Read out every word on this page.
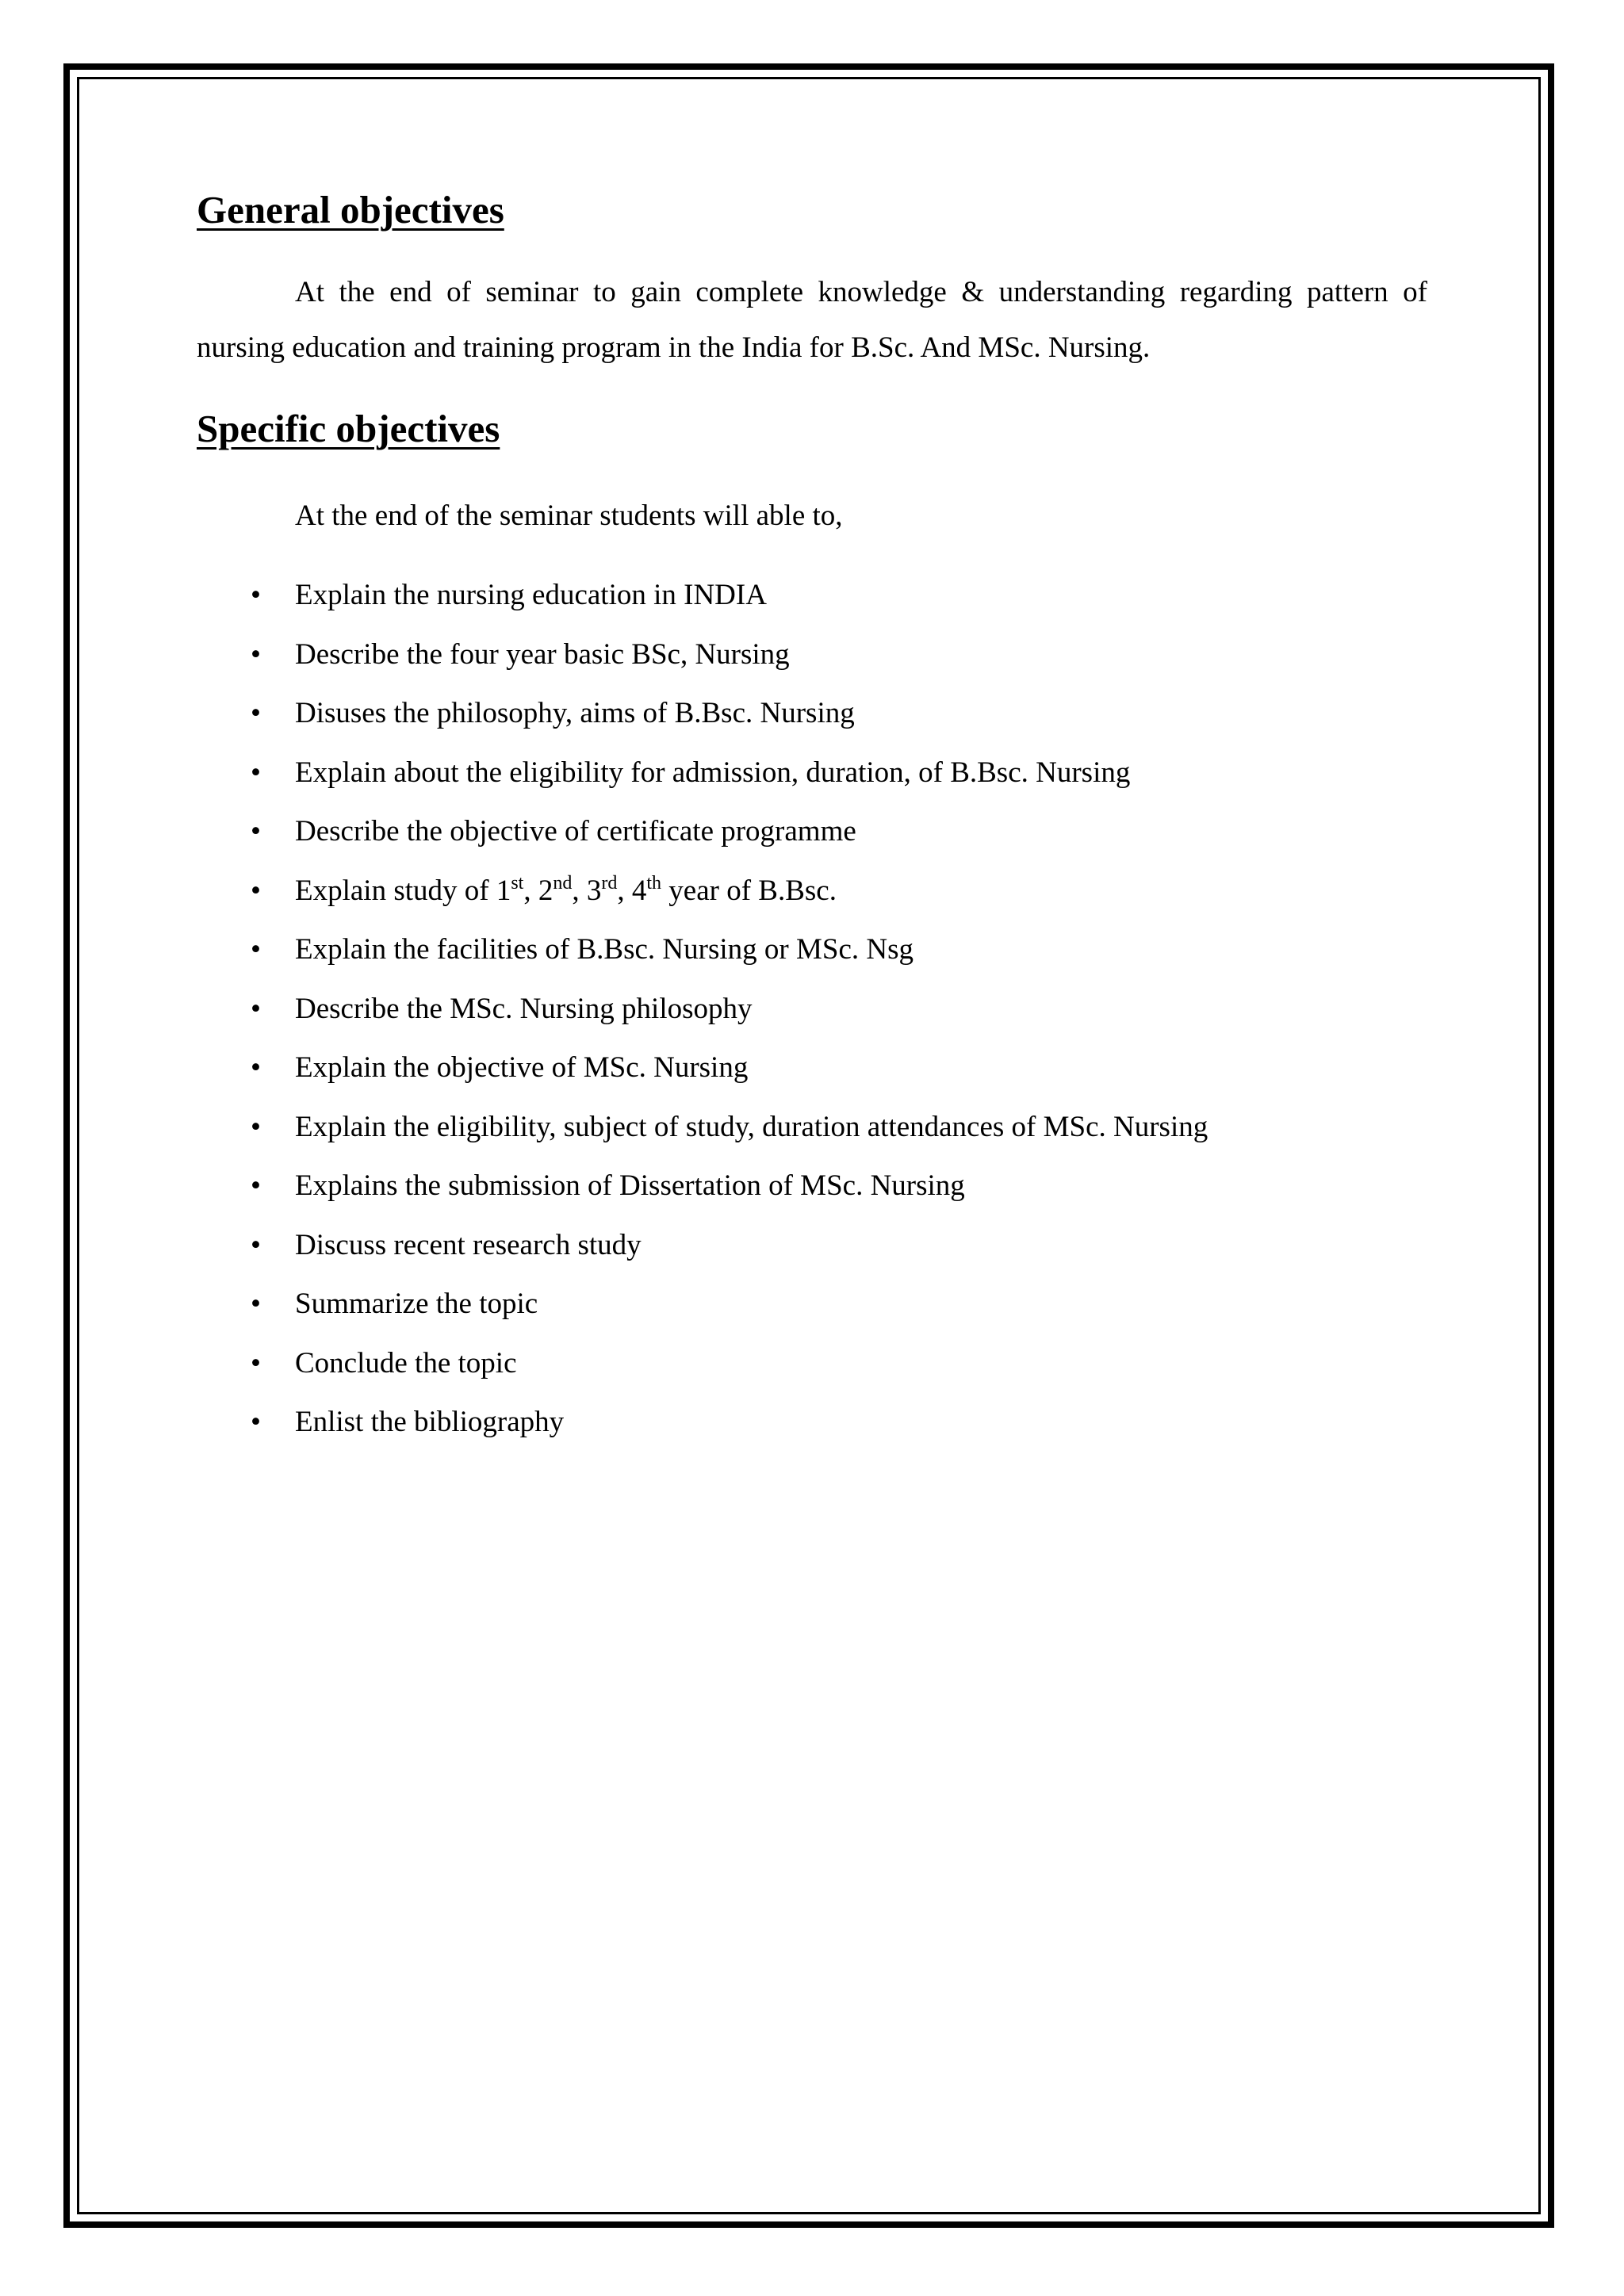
General objectives

At the end of seminar to gain complete knowledge & understanding regarding pattern of nursing education and training program in the India for B.Sc. And MSc. Nursing.

Specific objectives

At the end of the seminar students will able to,

• Explain the nursing education in INDIA
• Describe the four year basic BSc, Nursing
• Disuses the philosophy, aims of B.Bsc. Nursing
• Explain about the eligibility for admission, duration, of B.Bsc. Nursing
• Describe the objective of certificate programme
• Explain study of 1st, 2nd, 3rd, 4th year of B.Bsc.
• Explain the facilities of B.Bsc. Nursing or MSc. Nsg
• Describe the MSc. Nursing philosophy
• Explain the objective of MSc. Nursing
• Explain the eligibility, subject of study, duration attendances of MSc. Nursing
• Explains the submission of Dissertation of MSc. Nursing
• Discuss recent research study
• Summarize the topic
• Conclude the topic
• Enlist the bibliography
